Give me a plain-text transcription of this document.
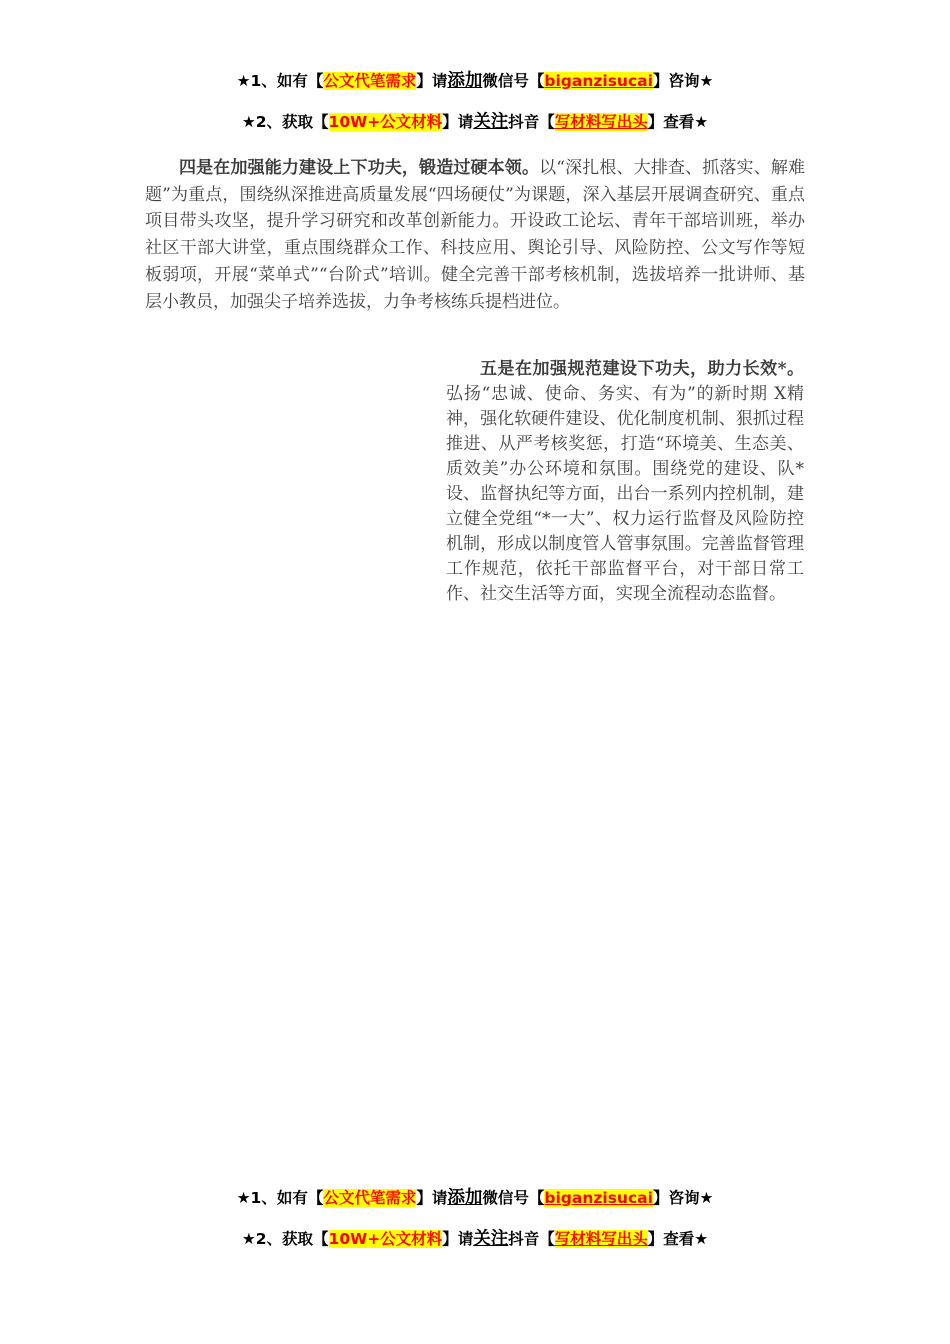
★1、如有【公文代笔需求】请添加微信号【biganzisucai】咨询★
★2、获取【10W+公文材料】请关注抖音【写材料写出头】查看★
四是在加强能力建设上下功夫，锻造过硬本领。以“深扎根、大排查、抓落实、解难题”为重点，围绕纵深推进高质量发展“四场硬仗”为课题，深入基层开展调查研究、重点项目带头攻坚，提升学习研究和改革创新能力。开设政工论坛、青年干部培训班，举办社区干部大讲堂，重点围绕群众工作、科技应用、舆论引导、风险防控、公文写作等短板弱项，开展“菜单式”“台阶式”培训。健全完善干部考核机制，选拔培养一批讲师、基层小教员，加强尖子培养选拔，力争考核练兵提档进位。
五是在加强规范建设下功夫，助力长效*。弘扬“忠诚、使命、务实、有为”的新时期 X精神，强化软硬件建设、优化制度机制、狠抓过程推进、从严考核奖惩，打造“环境美、生态美、质效美”办公环境和氛围。围绕党的建设、队*设、监督执纪等方面，出台一系列内控机制，建立健全党组“*一大”、权力运行监督及风险防控机制，形成以制度管人管事氛围。完善监督管理工作规范，依托干部监督平台，对干部日常工作、社交生活等方面，实现全流程动态监督。
★1、如有【公文代笔需求】请添加微信号【biganzisucai】咨询★
★2、获取【10W+公文材料】请关注抖音【写材料写出头】查看★
